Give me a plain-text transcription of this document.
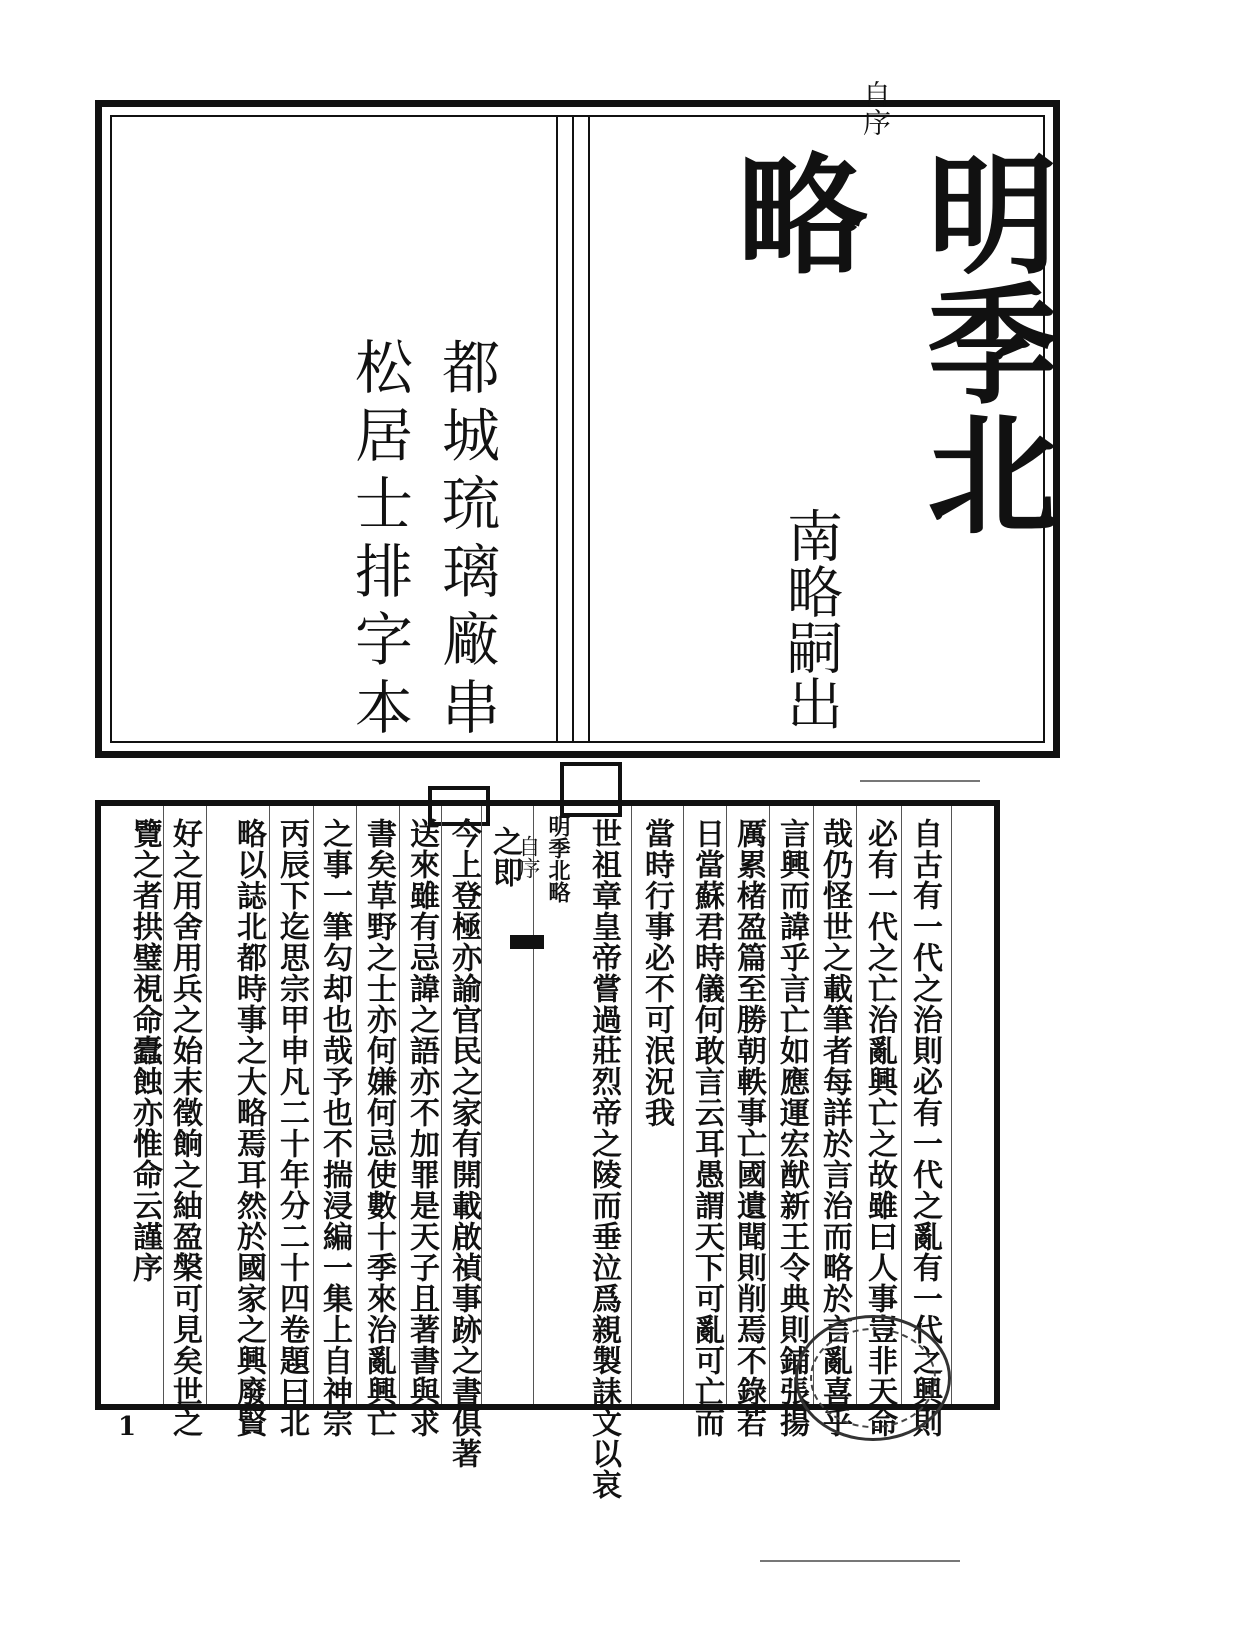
明季北
略
南略嗣出
都城琉璃廠串
松居士排字本
自古有一代之治則必有一代之亂有一代之興則
必有一代之亡治亂興亡之故雖曰人事豈非天命
哉仍怪世之載筆者每詳於言治而略於言亂喜乎
言興而諱乎言亡如應運宏猷新王令典則鋪張揚
厲累楮盈篇至勝朝軼事亡國遺聞則削焉不錄若
日當蘇君時儀何敢言云耳愚謂天下可亂可亡而
當時行事必不可泯況我
世祖章皇帝嘗過莊烈帝之陵而垂泣爲親製誄文以哀
之即
今上登極亦諭官民之家有開載啟禎事跡之書俱著
送來雖有忌諱之語亦不加罪是天子且著書與求
書矣草野之士亦何嫌何忌使數十季來治亂興亡
之事一筆勾却也哉予也不揣浸編一集上自神宗
丙辰下迄思宗甲申凡二十年分二十四卷題曰北
略以誌北都時事之大略焉耳然於國家之興廢賢
好之用舍用兵之始末徵餉之紬盈槃可見矣世之
覽之者拱璧視命蠹蝕亦惟命云謹序
自序
明季北略
自序
1
